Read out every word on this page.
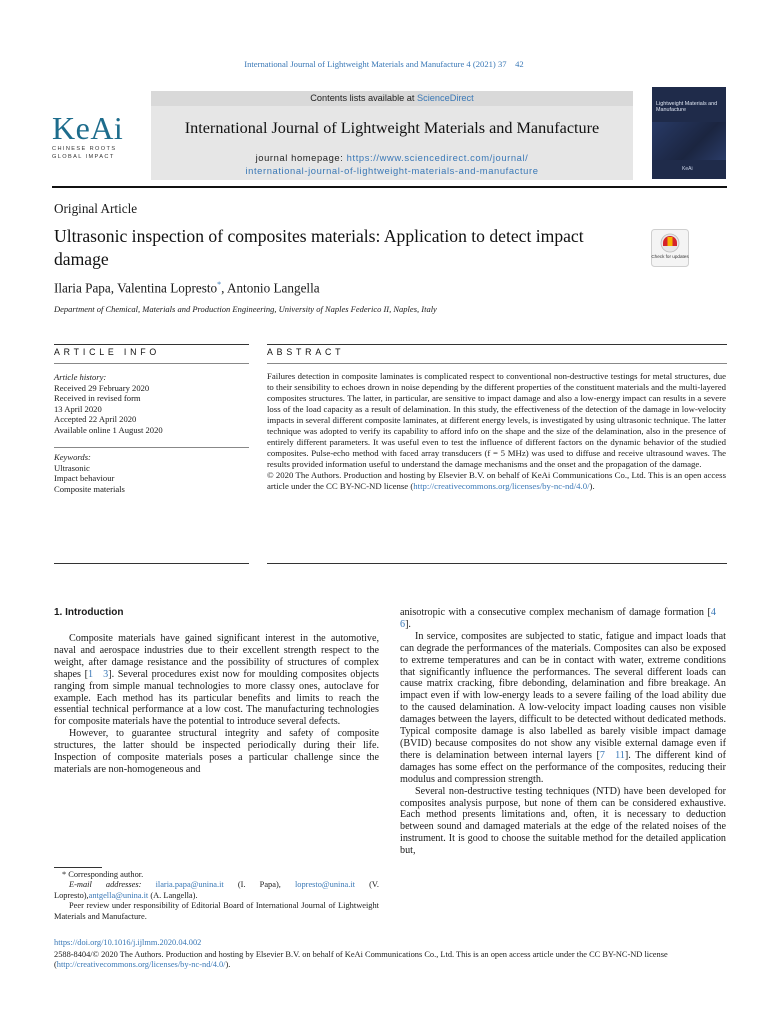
International Journal of Lightweight Materials and Manufacture 4 (2021) 37 42
KeAi
CHINESE ROOTS
GLOBAL IMPACT
Contents lists available at ScienceDirect
International Journal of Lightweight Materials and Manufacture
journal homepage: https://www.sciencedirect.com/journal/
international-journal-of-lightweight-materials-and-manufacture
Lightweight Materials and Manufacture
KeAi
Original Article
Ultrasonic inspection of composites materials: Application to detect impact damage	Check for updates
Ilaria Papa, Valentina Lopresto*, Antonio Langella
Department of Chemical, Materials and Production Engineering, University of Naples Federico II, Naples, Italy
ARTICLE INFO	ABSTRACT
Article history:
Received 29 February 2020
Received in revised form
13 April 2020
Accepted 22 April 2020
Available online 1 August 2020
Keywords:
Ultrasonic
Impact behaviour
Composite materials
Failures detection in composite laminates is complicated respect to conventional non-destructive testings for metal structures, due to their sensibility to echoes drown in noise depending by the different properties of the constituent materials and the multi-layered composites structures. The latter, in particular, are sensitive to impact damage and also a low-energy impact can results in a severe loss of the load capacity as a result of delamination. In this study, the effectiveness of the detection of the damage in low-velocity impacts in several different composite laminates, at different energy levels, is investigated by using ultrasonic technique. The latter technique was adopted to verify its capability to afford info on the shape and the size of the delamination, also in the presence of entirely different parameters. It was useful even to test the influence of different factors on the dynamic behavior of the studied composites. Pulse-echo method with faced array transducers (f = 5 MHz) was used to diffuse and receive ultrasound waves. The results provided information useful to understand the damage mechanisms and the onset and the propagation of the damage.
© 2020 The Authors. Production and hosting by Elsevier B.V. on behalf of KeAi Communications Co., Ltd. This is an open access article under the CC BY-NC-ND license (http://creativecommons.org/licenses/by-nc-nd/4.0/).
1. Introduction

Composite materials have gained significant interest in the automotive, naval and aerospace industries due to their excellent strength respect to the weight, after damage resistance and the possibility of structures of complex shapes [1 3]. Several procedures exist now for moulding composites objects ranging from simple manual technologies to more classy ones, autoclave for example. Each method has its particular benefits and limits to reach the essential technical performance at a low cost. The manufacturing technologies for composite materials have the potential to introduce several defects.

However, to guarantee structural integrity and safety of composite structures, the latter should be inspected periodically during their life. Inspection of composite materials poses a particular challenge since the materials are non-homogeneous and

anisotropic with a consecutive complex mechanism of damage formation [4 6].

In service, composites are subjected to static, fatigue and impact loads that can degrade the performances of the materials. Composites can also be exposed to extreme temperatures and can be in contact with water, extreme conditions that significantly influence the performances. The several different loads can cause matrix cracking, fibre debonding, delamination and fibre breakage. An impact even if with low-energy leads to a severe failing of the load ability due to the caused delamination. A low-velocity impact loading causes non visible damages between the layers, difficult to be detected without dedicated methods. Typical composite damage is also labelled as barely visible impact damage (BVID) because composites do not show any visible external damage even if there is delamination between internal layers [7 11]. The different kind of damages has some effect on the performance of the composites, reducing their modulus and compression strength.

Several non-destructive testing techniques (NTD) have been developed for composites analysis purpose, but none of them can be considered exhaustive. Each method presents limitations and, often, it is necessary to deduction between sound and damaged materials at the edge of the related noises of the instrument. It is good to choose the suitable method for the detailed application but,

* Corresponding author.

E-mail addresses: ilaria.papa@unina.it (I. Papa), lopresto@unina.it (V. Lopresto),antgella@unina.it (A. Langella).

Peer review under responsibility of Editorial Board of International Journal of Lightweight Materials and Manufacture.

https://doi.org/10.1016/j.ijlmm.2020.04.002
2588-8404/© 2020 The Authors. Production and hosting by Elsevier B.V. on behalf of KeAi Communications Co., Ltd. This is an open access article under the CC BY-NC-ND license (http://creativecommons.org/licenses/by-nc-nd/4.0/).
